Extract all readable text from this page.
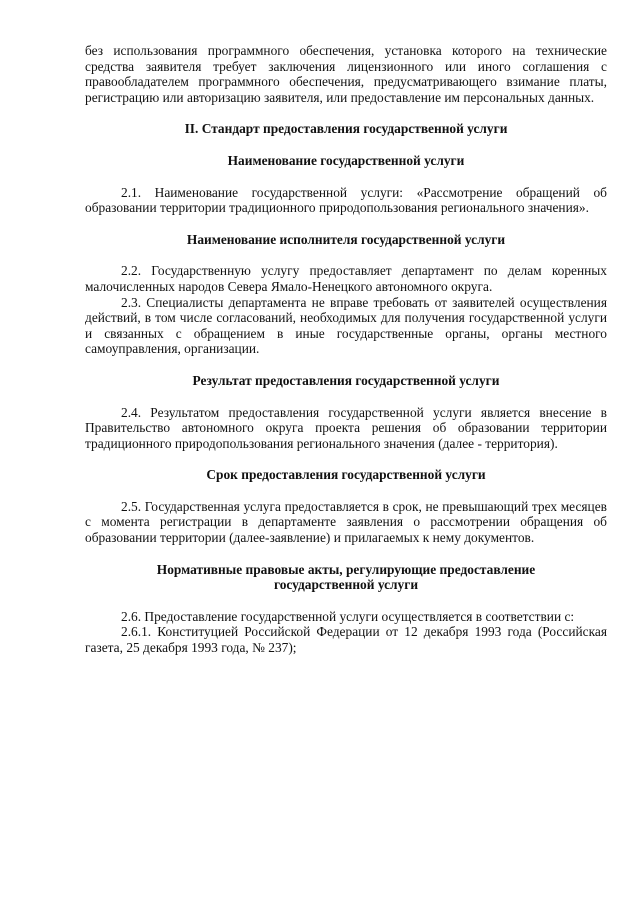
без использования программного обеспечения, установка которого на технические средства заявителя требует заключения лицензионного или иного соглашения с правообладателем программного обеспечения, предусматривающего взимание платы, регистрацию или авторизацию заявителя, или предоставление им персональных данных.

II. Стандарт предоставления государственной услуги

Наименование государственной услуги

2.1. Наименование государственной услуги: «Рассмотрение обращений об образовании территории традиционного природопользования регионального значения».

Наименование исполнителя государственной услуги

2.2. Государственную услугу предоставляет департамент по делам коренных малочисленных народов Севера Ямало-Ненецкого автономного округа.

2.3. Специалисты департамента не вправе требовать от заявителей осуществления действий, в том числе согласований, необходимых для получения государственной услуги и связанных с обращением в иные государственные органы, органы местного самоуправления, организации.

Результат предоставления государственной услуги

2.4. Результатом предоставления государственной услуги является внесение в Правительство автономного округа проекта решения об образовании территории традиционного природопользования регионального значения (далее - территория).

Срок предоставления государственной услуги

2.5. Государственная услуга предоставляется в срок, не превышающий трех месяцев с момента регистрации в департаменте заявления о рассмотрении обращения об образовании территории (далее-заявление) и прилагаемых к нему документов.

Нормативные правовые акты, регулирующие предоставление государственной услуги

2.6. Предоставление государственной услуги осуществляется в соответствии с:

2.6.1. Конституцией Российской Федерации от 12 декабря 1993 года (Российская газета, 25 декабря 1993 года, № 237);
